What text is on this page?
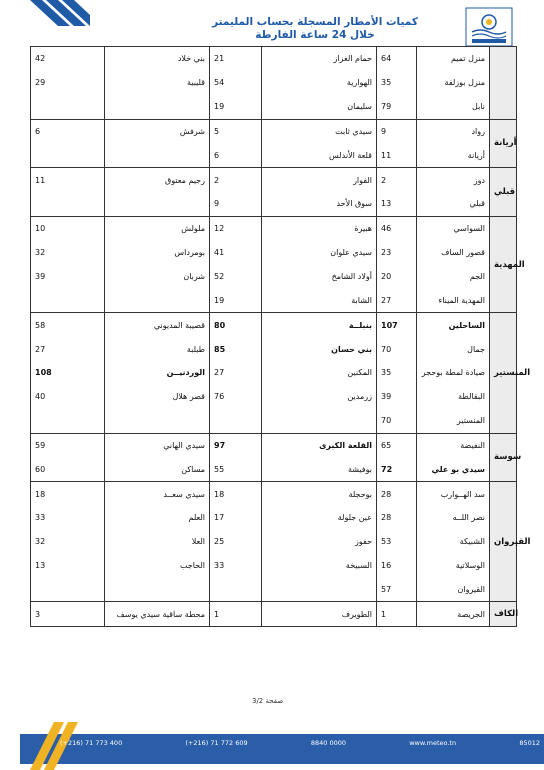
كميات الأمطار المسجلة بحساب المليمتر
خلال 24 ساعة الفارطة
42	بني خلاد	21	حمام الغزاز	64	منزل تميم	
29	قليبية	54	الهوارية	35	منزل بوزلفة	
		19	سليمان	79	نابل	
6	شرفش	5	سيدي ثابت	9	رواد	أريانة
		6	قلعة الأندلس	11	أريانة	
11	رجيم معتوق	2	الفوار	2	دوز	قبلي
		9	سوق الأحد	13	قبلي	
10	ملولش	12	هبيرة	46	السواسي	المهدية
32	بومرداس	41	سيدي علوان	23	قصور الساف	
39	شربان	52	أولاد الشامخ	20	الجم	
		19	الشابة	27	المهدية الميناء	
58	قصيبة المديوني	80	بنبلــة	107	الساحلين	المنستير
27	طبلبة	85	بني حسان	70	جمال	
108	الوردنيــن	27	المكنين	35	صيادة لمطة بوحجر	
40	قصر هلال	76	زرمدين	39	البقالطة	
				70	المنستير	
59	سيدي الهاني	97	القلعة الكبرى	65	النفيضة	سوسة
60	مساكن	55	بوفيشة	72	سيدي بو علي	
18	سيدي سعــد	18	بوحجلة	28	سد الهــوارب	القيروان
33	العلم	17	عين جلولة	28	نصر اللــه	
32	العلا	25	حفوز	53	الشبيكة	
13	الحاجب	33	السبيخة	16	الوسلاتية	
				57	القيروان	
3	محطة ساقية سيدي يوسف	1	الطويرف	1	الجريصة	الكاف
صفحة 3/2
B. P. n°156 - 2035 - Tunis Carthage - ص.ب. 156 - 2035 - تونس قرطاج
(+216) 71 773 400	(+216) 71 772 609	8840 0000	www.meteo.tn	85012
